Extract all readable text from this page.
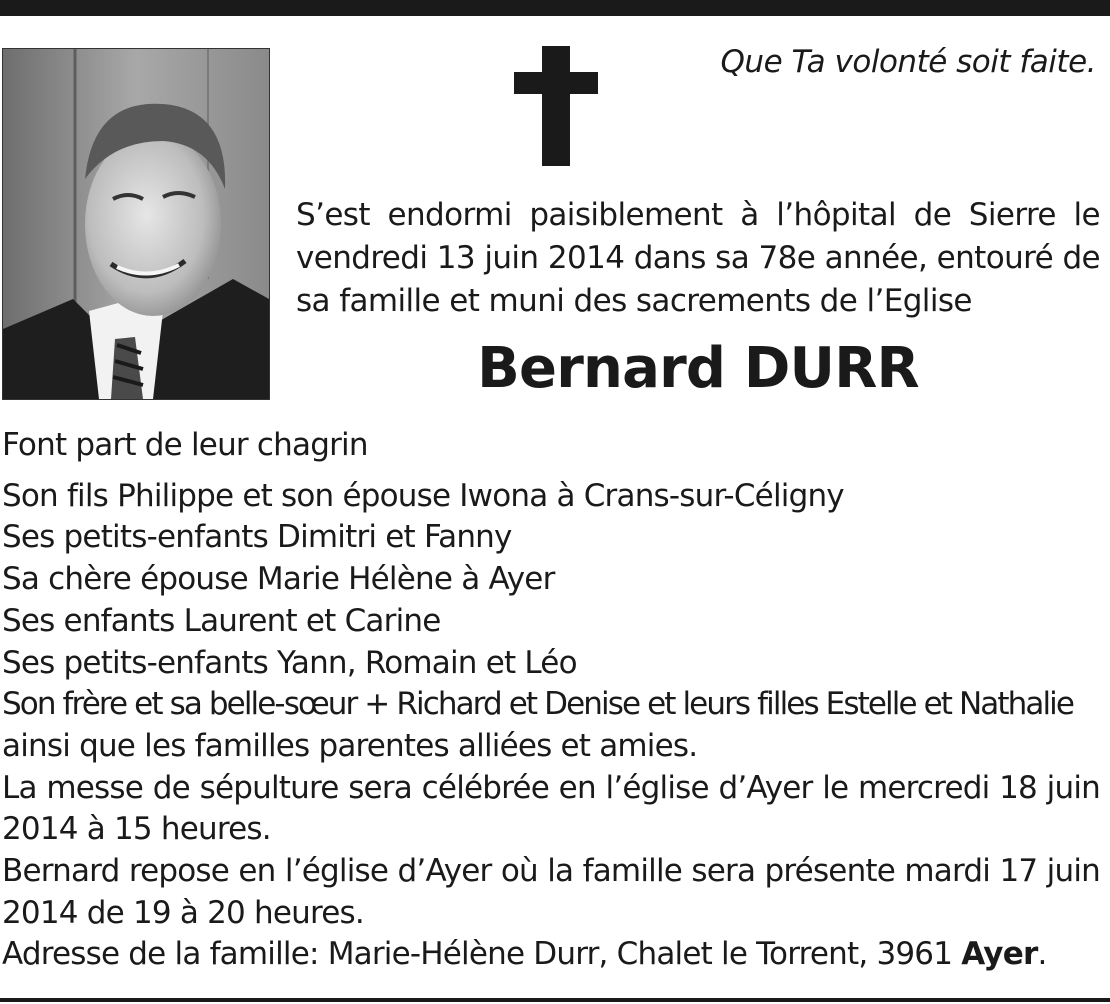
Que Ta volonté soit faite.
S’est endormi paisiblement à l’hôpital de Sierre le
vendredi 13 juin 2014 dans sa 78e année, entouré de
sa famille et muni des sacrements de l’Eglise
Bernard DURR
Font part de leur chagrin
Son fils Philippe et son épouse Iwona à Crans-sur-Céligny
Ses petits-enfants Dimitri et Fanny
Sa chère épouse Marie Hélène à Ayer
Ses enfants Laurent et Carine
Ses petits-enfants Yann, Romain et Léo
Son frère et sa belle-sœur + Richard et Denise et leurs filles Estelle et Nathalie
ainsi que les familles parentes alliées et amies.
La messe de sépulture sera célébrée en l’église d’Ayer le mercredi 18 juin
2014 à 15 heures.
Bernard repose en l’église d’Ayer où la famille sera présente mardi 17 juin
2014 de 19 à 20 heures.
Adresse de la famille: Marie-Hélène Durr, Chalet le Torrent, 3961 Ayer.
